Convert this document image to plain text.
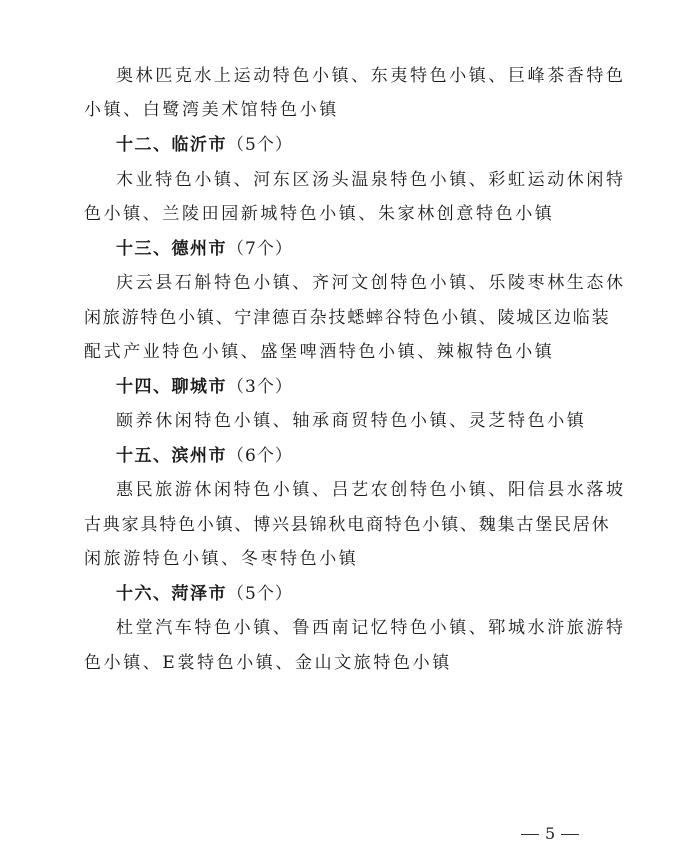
奥林匹克水上运动特色小镇、东夷特色小镇、巨峰茶香特色
小镇、白鹭湾美术馆特色小镇
十二、临沂市（5个）
木业特色小镇、河东区汤头温泉特色小镇、彩虹运动休闲特
色小镇、兰陵田园新城特色小镇、朱家林创意特色小镇
十三、德州市（7个）
庆云县石斛特色小镇、齐河文创特色小镇、乐陵枣林生态休
闲旅游特色小镇、宁津德百杂技蟋蟀谷特色小镇、陵城区边临装
配式产业特色小镇、盛堡啤酒特色小镇、辣椒特色小镇
十四、聊城市（3个）
颐养休闲特色小镇、轴承商贸特色小镇、灵芝特色小镇
十五、滨州市（6个）
惠民旅游休闲特色小镇、吕艺农创特色小镇、阳信县水落坡
古典家具特色小镇、博兴县锦秋电商特色小镇、魏集古堡民居休
闲旅游特色小镇、冬枣特色小镇
十六、菏泽市（5个）
杜堂汽车特色小镇、鲁西南记忆特色小镇、郓城水浒旅游特
色小镇、E裳特色小镇、金山文旅特色小镇
5
